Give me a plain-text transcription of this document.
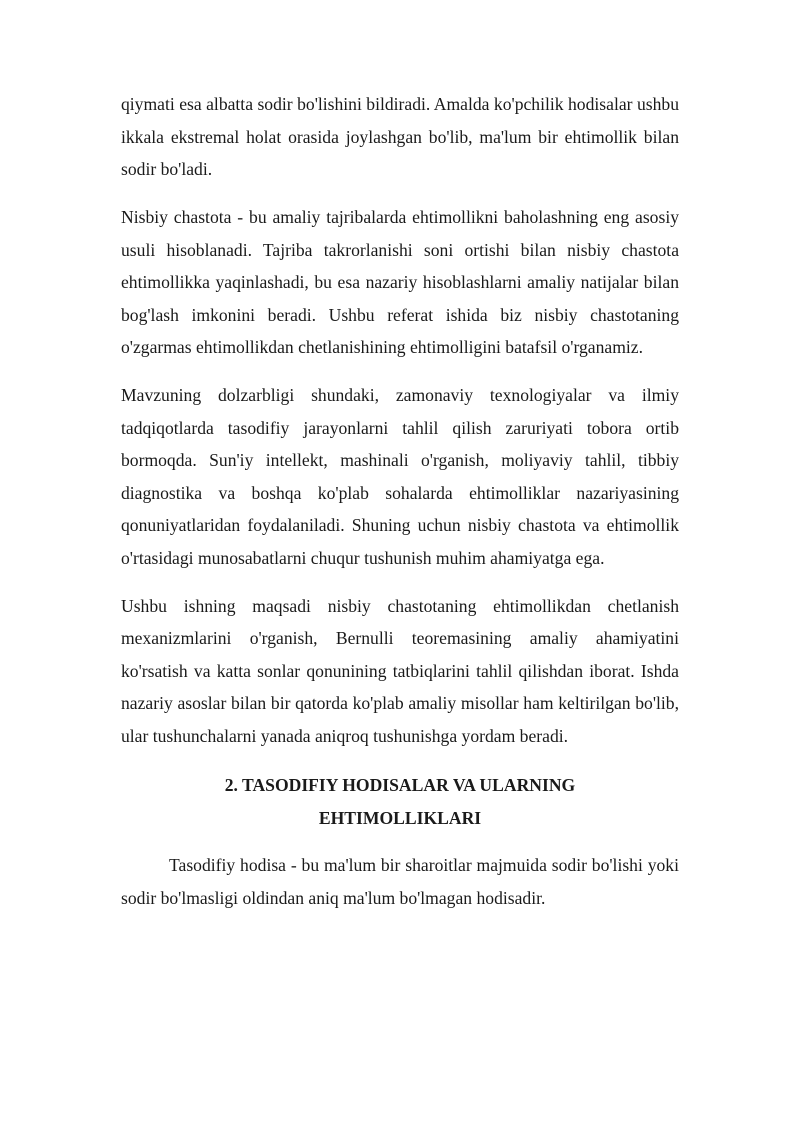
qiymati esa albatta sodir bo'lishini bildiradi. Amalda ko'pchilik hodisalar ushbu ikkala ekstremal holat orasida joylashgan bo'lib, ma'lum bir ehtimollik bilan sodir bo'ladi.

Nisbiy chastota - bu amaliy tajribalarda ehtimollikni baholashning eng asosiy usuli hisoblanadi. Tajriba takrorlanishi soni ortishi bilan nisbiy chastota ehtimollikka yaqinlashadi, bu esa nazariy hisoblashlarni amaliy natijalar bilan bog'lash imkonini beradi. Ushbu referat ishida biz nisbiy chastotaning o'zgarmas ehtimollikdan chetlanishining ehtimolligini batafsil o'rganamiz.

Mavzuning dolzarbligi shundaki, zamonaviy texnologiyalar va ilmiy tadqiqotlarda tasodifiy jarayonlarni tahlil qilish zaruriyati tobora ortib bormoqda. Sun'iy intellekt, mashinali o'rganish, moliyaviy tahlil, tibbiy diagnostika va boshqa ko'plab sohalarda ehtimolliklar nazariyasining qonuniyatlaridan foydalaniladi. Shuning uchun nisbiy chastota va ehtimollik o'rtasidagi munosabatlarni chuqur tushunish muhim ahamiyatga ega.

Ushbu ishning maqsadi nisbiy chastotaning ehtimollikdan chetlanish mexanizmlarini o'rganish, Bernulli teoremasining amaliy ahamiyatini ko'rsatish va katta sonlar qonunining tatbiqlarini tahlil qilishdan iborat. Ishda nazariy asoslar bilan bir qatorda ko'plab amaliy misollar ham keltirilgan bo'lib, ular tushunchalarni yanada aniqroq tushunishga yordam beradi.

2. TASODIFIY HODISALAR VA ULARNING EHTIMOLLIKLARI

Tasodifiy hodisa - bu ma'lum bir sharoitlar majmuida sodir bo'lishi yoki sodir bo'lmasligi oldindan aniq ma'lum bo'lmagan hodisadir.
